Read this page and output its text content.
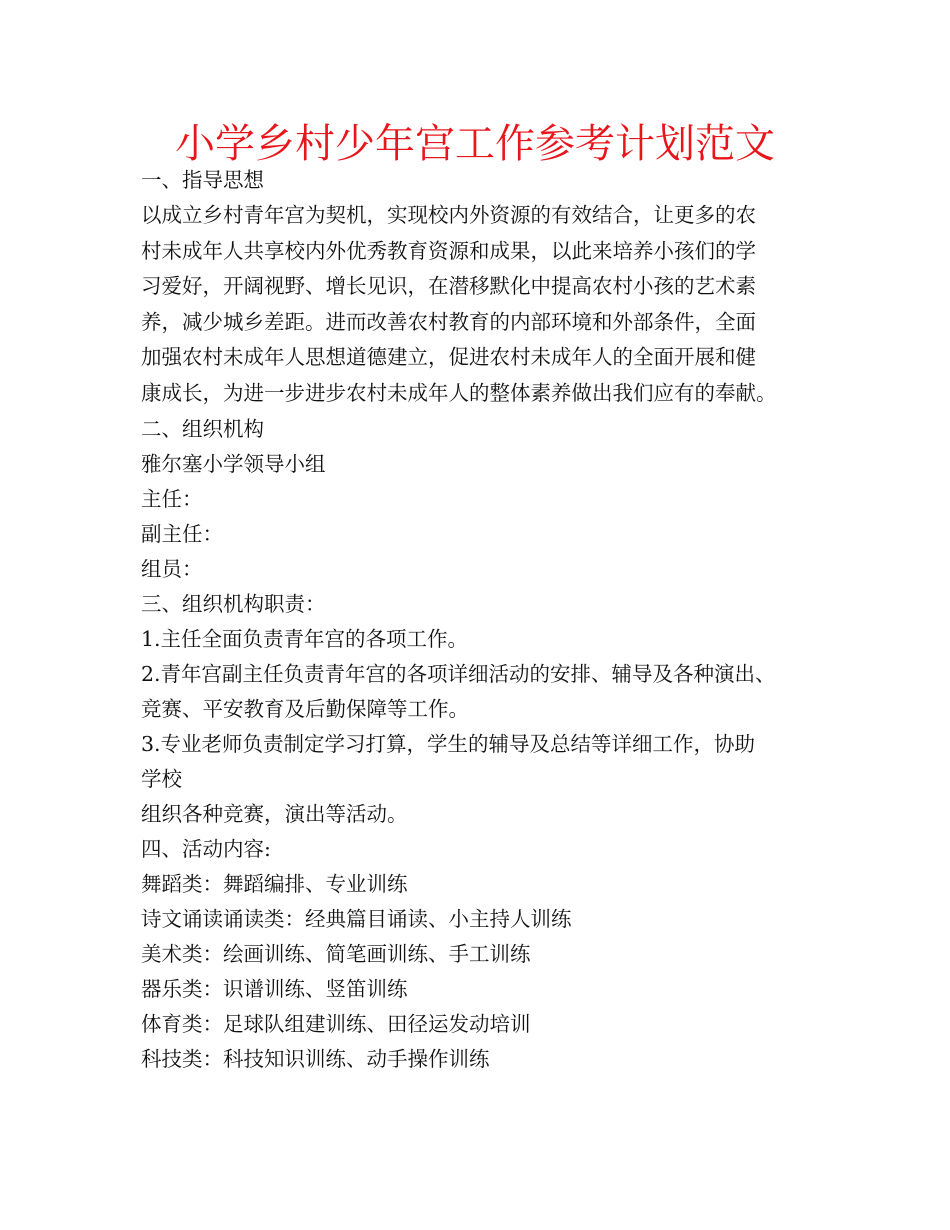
小学乡村少年宫工作参考计划范文
一、指导思想
以成立乡村青年宫为契机，实现校内外资源的有效结合，让更多的农
村未成年人共享校内外优秀教育资源和成果，以此来培养小孩们的学
习爱好，开阔视野、增长见识，在潜移默化中提高农村小孩的艺术素
养，减少城乡差距。进而改善农村教育的内部环境和外部条件，全面
加强农村未成年人思想道德建立，促进农村未成年人的全面开展和健
康成长，为进一步进步农村未成年人的整体素养做出我们应有的奉献。
二、组织机构
雅尔塞小学领导小组
主任：
副主任：
组员：
三、组织机构职责：
1.主任全面负责青年宫的各项工作。
2.青年宫副主任负责青年宫的各项详细活动的安排、辅导及各种演出、
竞赛、平安教育及后勤保障等工作。
3.专业老师负责制定学习打算，学生的辅导及总结等详细工作，协助
学校
组织各种竞赛，演出等活动。
四、活动内容:
舞蹈类：舞蹈编排、专业训练
诗文诵读诵读类：经典篇目诵读、小主持人训练
美术类：绘画训练、简笔画训练、手工训练
器乐类：识谱训练、竖笛训练
体育类：足球队组建训练、田径运发动培训
科技类：科技知识训练、动手操作训练
